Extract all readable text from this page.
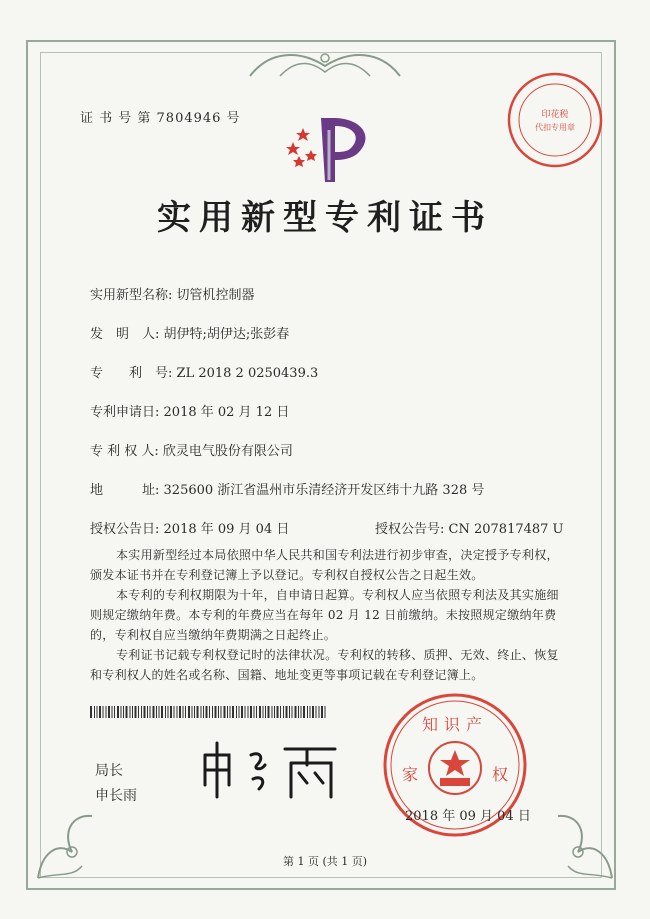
证 书 号 第 7804946 号	印花税
代扣专用章
实用新型专利证书
实用新型名称: 切管机控制器
发　明　人: 胡伊特;胡伊达;张彭春
专　　利　号: ZL 2018 2 0250439.3
专利申请日: 2018 年 02 月 12 日
专 利 权 人: 欣灵电气股份有限公司
地　　　址: 325600 浙江省温州市乐清经济开发区纬十九路 328 号
授权公告日: 2018 年 09 月 04 日	授权公告号: CN 207817487 U
本实用新型经过本局依照中华人民共和国专利法进行初步审查，决定授予专利权，颁发本证书并在专利登记簿上予以登记。专利权自授权公告之日起生效。
本专利的专利权期限为十年，自申请日起算。专利权人应当依照专利法及其实施细则规定缴纳年费。本专利的年费应当在每年 02 月 12 日前缴纳。未按照规定缴纳年费的，专利权自应当缴纳年费期满之日起终止。
专利证书记载专利权登记时的法律状况。专利权的转移、质押、无效、终止、恢复和专利权人的姓名或名称、国籍、地址变更等事项记载在专利登记簿上。
局长
申长雨
知识产
家	权
2018 年 09 月 04 日
第 1 页 (共 1 页)
